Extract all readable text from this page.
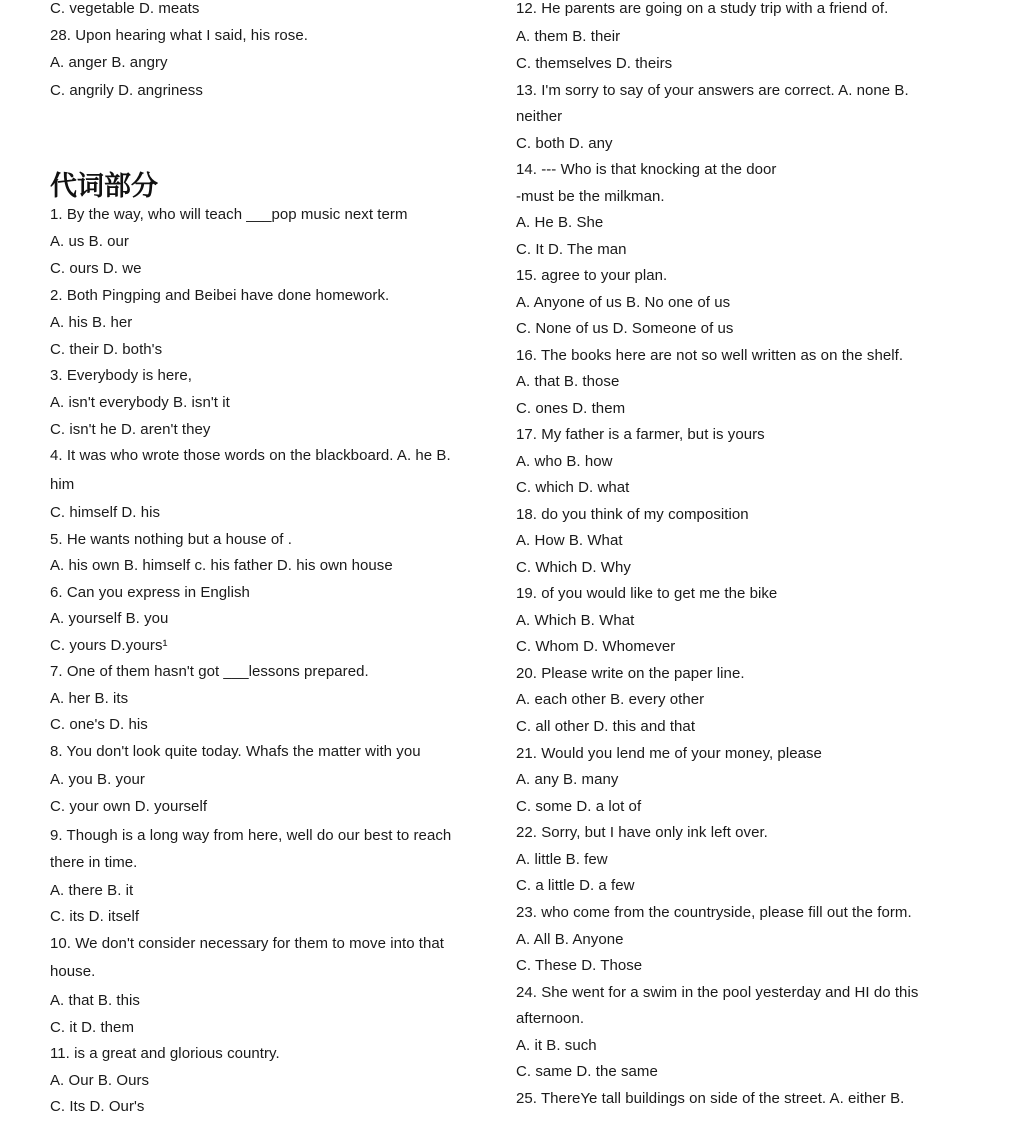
C. vegetable D. meats
28. Upon hearing what I said, his rose.
A. anger B. angry
C. angrily D. angriness
代词部分
1. By the way, who will teach ___pop music next term
A. us B. our
C. ours D. we
2. Both Pingping and Beibei have done homework.
A. his B. her
C. their D. both's
3. Everybody is here,
A. isn't everybody B. isn't it
C. isn't he D. aren't they
4. It was who wrote those words on the blackboard. A. he B.
him
C. himself D. his
5. He wants nothing but a house of .
A. his own B. himself c. his father D. his own house
6. Can you express in English
A. yourself B. you
C. yours D.yours¹
7. One of them hasn't got ___lessons prepared.
A. her B. its
C. one's D. his
8. You don't look quite today. Whafs the matter with you
A. you B. your
C. your own D. yourself
9. Though is a long way from here, well do our best to reach
there in time.
A. there B. it
C. its D. itself
10. We don't consider necessary for them to move into that
house.
A. that B. this
C. it D. them
11. is a great and glorious country.
A. Our B. Ours
C. Its D. Our's
12. He parents are going on a study trip with a friend of.
A. them B. their
C. themselves D. theirs
13. I'm sorry to say of your answers are correct. A. none B.
neither
C. both D. any
14. --- Who is that knocking at the door
-must be the milkman.
A. He B. She
C. It D. The man
15. agree to your plan.
A. Anyone of us B. No one of us
C. None of us D. Someone of us
16. The books here are not so well written as on the shelf.
A. that B. those
C. ones D. them
17. My father is a farmer, but is yours
A. who B. how
C. which D. what
18. do you think of my composition
A. How B. What
C. Which D. Why
19. of you would like to get me the bike
A. Which B. What
C. Whom D. Whomever
20. Please write on the paper line.
A. each other B. every other
C. all other D. this and that
21. Would you lend me of your money, please
A. any B. many
C. some D. a lot of
22. Sorry, but I have only ink left over.
A. little B. few
C. a little D. a few
23. who come from the countryside, please fill out the form.
A. All B. Anyone
C. These D. Those
24. She went for a swim in the pool yesterday and HI do this
afternoon.
A. it B. such
C. same D. the same
25. ThereYe tall buildings on side of the street. A. either B.
